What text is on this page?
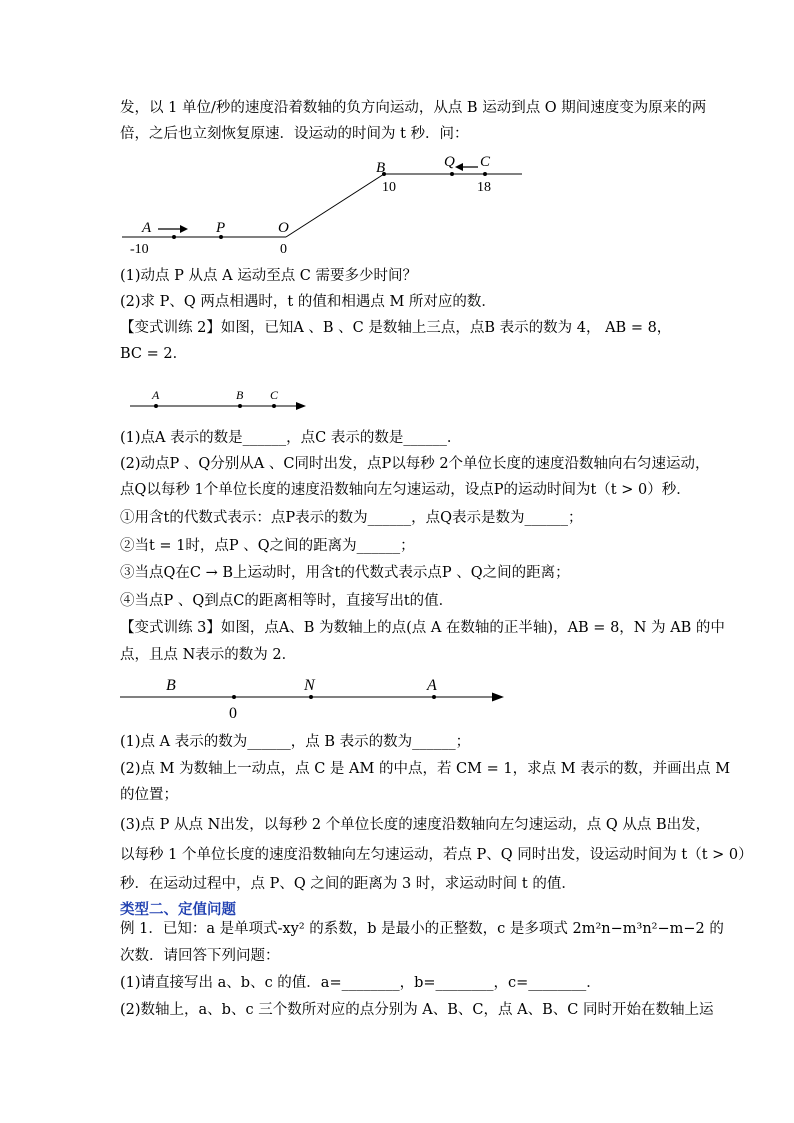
发，以 1 单位/秒的速度沿着数轴的负方向运动，从点 B 运动到点 O 期间速度变为原来的两
倍，之后也立刻恢复原速．设运动的时间为 t 秒．问：
A	P	O
B	Q C
-10	0
10	18
(1)动点 P 从点 A 运动至点 C 需要多少时间？
(2)求 P、Q 两点相遇时，t 的值和相遇点 M 所对应的数．
【变式训练 2】如图，已知A 、B 、C 是数轴上三点，点B 表示的数为 4， AB = 8，
BC = 2．
A	B C
(1)点A 表示的数是______，点C 表示的数是______．
(2)动点P 、Q分别从A 、C同时出发，点P以每秒 2个单位长度的速度沿数轴向右匀速运动，
点Q以每秒 1个单位长度的速度沿数轴向左匀速运动，设点P的运动时间为t（t > 0）秒．
①用含t的代数式表示：点P表示的数为______，点Q表示是数为______；
②当t = 1时，点P 、Q之间的距离为______；
③当点Q在C → B上运动时，用含t的代数式表示点P 、Q之间的距离；
④当点P 、Q到点C的距离相等时，直接写出t的值．
【变式训练 3】如图，点A、B 为数轴上的点(点 A 在数轴的正半轴)，AB = 8，N 为 AB 的中
点，且点 N表示的数为 2．
B	N	A
0
(1)点 A 表示的数为______，点 B 表示的数为______；
(2)点 M 为数轴上一动点，点 C 是 AM 的中点，若 CM = 1，求点 M 表示的数，并画出点 M
的位置；
(3)点 P 从点 N出发，以每秒 2 个单位长度的速度沿数轴向左匀速运动，点 Q 从点 B出发，
以每秒 1 个单位长度的速度沿数轴向左匀速运动，若点 P、Q 同时出发，设运动时间为 t（t > 0）
秒．在运动过程中，点 P、Q 之间的距离为 3 时，求运动时间 t 的值．
类型二、定值问题
例 1．已知：a 是单项式-xy² 的系数，b 是最小的正整数，c 是多项式 2m²n−m³n²−m−2 的
次数．请回答下列问题：
(1)请直接写出 a、b、c 的值．a=________，b=________，c=________．
(2)数轴上，a、b、c 三个数所对应的点分别为 A、B、C，点 A、B、C 同时开始在数轴上运
